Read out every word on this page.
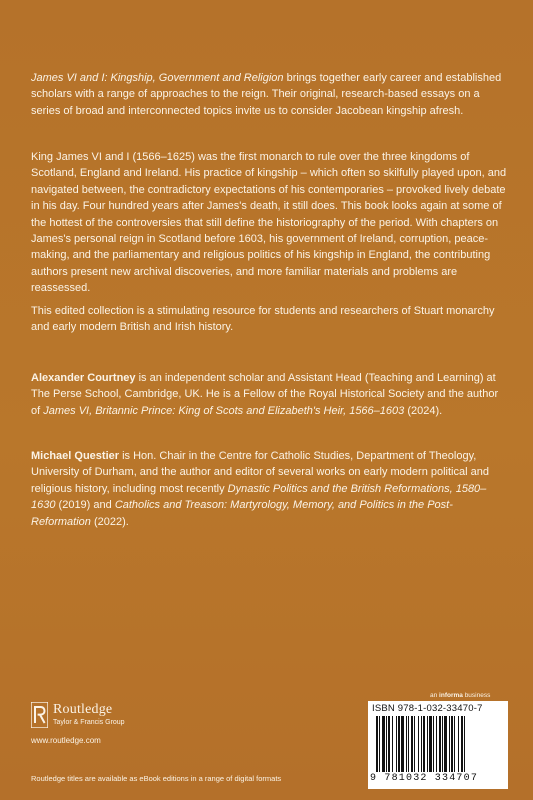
James VI and I: Kingship, Government and Religion brings together early career and established scholars with a range of approaches to the reign. Their original, research-based essays on a series of broad and interconnected topics invite us to consider Jacobean kingship afresh.

King James VI and I (1566–1625) was the first monarch to rule over the three kingdoms of Scotland, England and Ireland. His practice of kingship – which often so skilfully played upon, and navigated between, the contradictory expectations of his contemporaries – provoked lively debate in his day. Four hundred years after James's death, it still does. This book looks again at some of the hottest of the controversies that still define the historiography of the period. With chapters on James's personal reign in Scotland before 1603, his government of Ireland, corruption, peace-making, and the parliamentary and religious politics of his kingship in England, the contributing authors present new archival discoveries, and more familiar materials and problems are reassessed.

This edited collection is a stimulating resource for students and researchers of Stuart monarchy and early modern British and Irish history.

Alexander Courtney is an independent scholar and Assistant Head (Teaching and Learning) at The Perse School, Cambridge, UK. He is a Fellow of the Royal Historical Society and the author of James VI, Britannic Prince: King of Scots and Elizabeth's Heir, 1566–1603 (2024).

Michael Questier is Hon. Chair in the Centre for Catholic Studies, Department of Theology, University of Durham, and the author and editor of several works on early modern political and religious history, including most recently Dynastic Politics and the British Reformations, 1580–1630 (2019) and Catholics and Treason: Martyrology, Memory, and Politics in the Post-Reformation (2022).

Routledge
Taylor & Francis Group
www.routledge.com
Routledge titles are available as eBook editions in a range of digital formats
an informa business
ISBN 978-1-032-33470-7
9 781032 334707
